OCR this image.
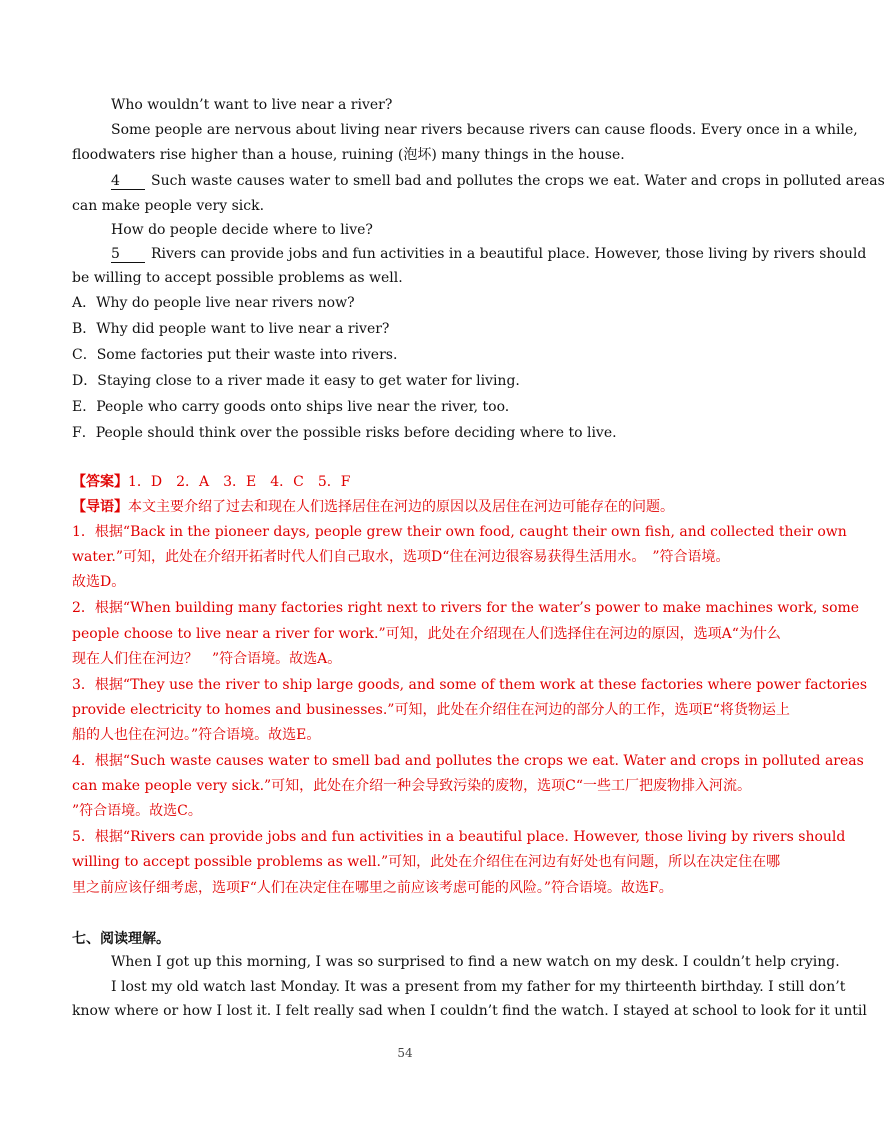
Who wouldn’t want to live near a river?
Some people are nervous about living near rivers because rivers can cause floods. Every once in a while,
floodwaters rise higher than a house, ruining (泡坏) many things in the house.
4 Such waste causes water to smell bad and pollutes the crops we eat. Water and crops in polluted areas
can make people very sick.
How do people decide where to live?
5 Rivers can provide jobs and fun activities in a beautiful place. However, those living by rivers should
be willing to accept possible problems as well.
A．Why do people live near rivers now?
B．Why did people want to live near a river?
C．Some factories put their waste into rivers.
D．Staying close to a river made it easy to get water for living.
E．People who carry goods onto ships live near the river, too.
F．People should think over the possible risks before deciding where to live.
【答案】1．D　2．A　3．E　4．C　5．F
【导语】本文主要介绍了过去和现在人们选择居住在河边的原因以及居住在河边可能存在的问题。
1．根据“Back in the pioneer days, people grew their own food, caught their own fish, and collected their own
water.”可知，此处在介绍开拓者时代人们自己取水，选项D“住在河边很容易获得生活用水。　”符合语境。
故选D。
2．根据“When building many factories right next to rivers for the water’s power to make machines work, some
people choose to live near a river for work.”可知，此处在介绍现在人们选择住在河边的原因，选项A“为什么
现在人们住在河边？　”符合语境。故选A。
3．根据“They use the river to ship large goods, and some of them work at these factories where power factories
provide electricity to homes and businesses.”可知，此处在介绍住在河边的部分人的工作，选项E“将货物运上
船的人也住在河边。”符合语境。故选E。
4．根据“Such waste causes water to smell bad and pollutes the crops we eat. Water and crops in polluted areas
can make people very sick.”可知，此处在介绍一种会导致污染的废物，选项C“一些工厂把废物排入河流。
”符合语境。故选C。
5．根据“Rivers can provide jobs and fun activities in a beautiful place. However, those living by rivers should
willing to accept possible problems as well.”可知，此处在介绍住在河边有好处也有问题，所以在决定住在哪
里之前应该仔细考虑，选项F“人们在决定住在哪里之前应该考虑可能的风险。”符合语境。故选F。
七、阅读理解。
When I got up this morning, I was so surprised to find a new watch on my desk. I couldn’t help crying.
I lost my old watch last Monday. It was a present from my father for my thirteenth birthday. I still don’t
know where or how I lost it. I felt really sad when I couldn’t find the watch. I stayed at school to look for it until
54
